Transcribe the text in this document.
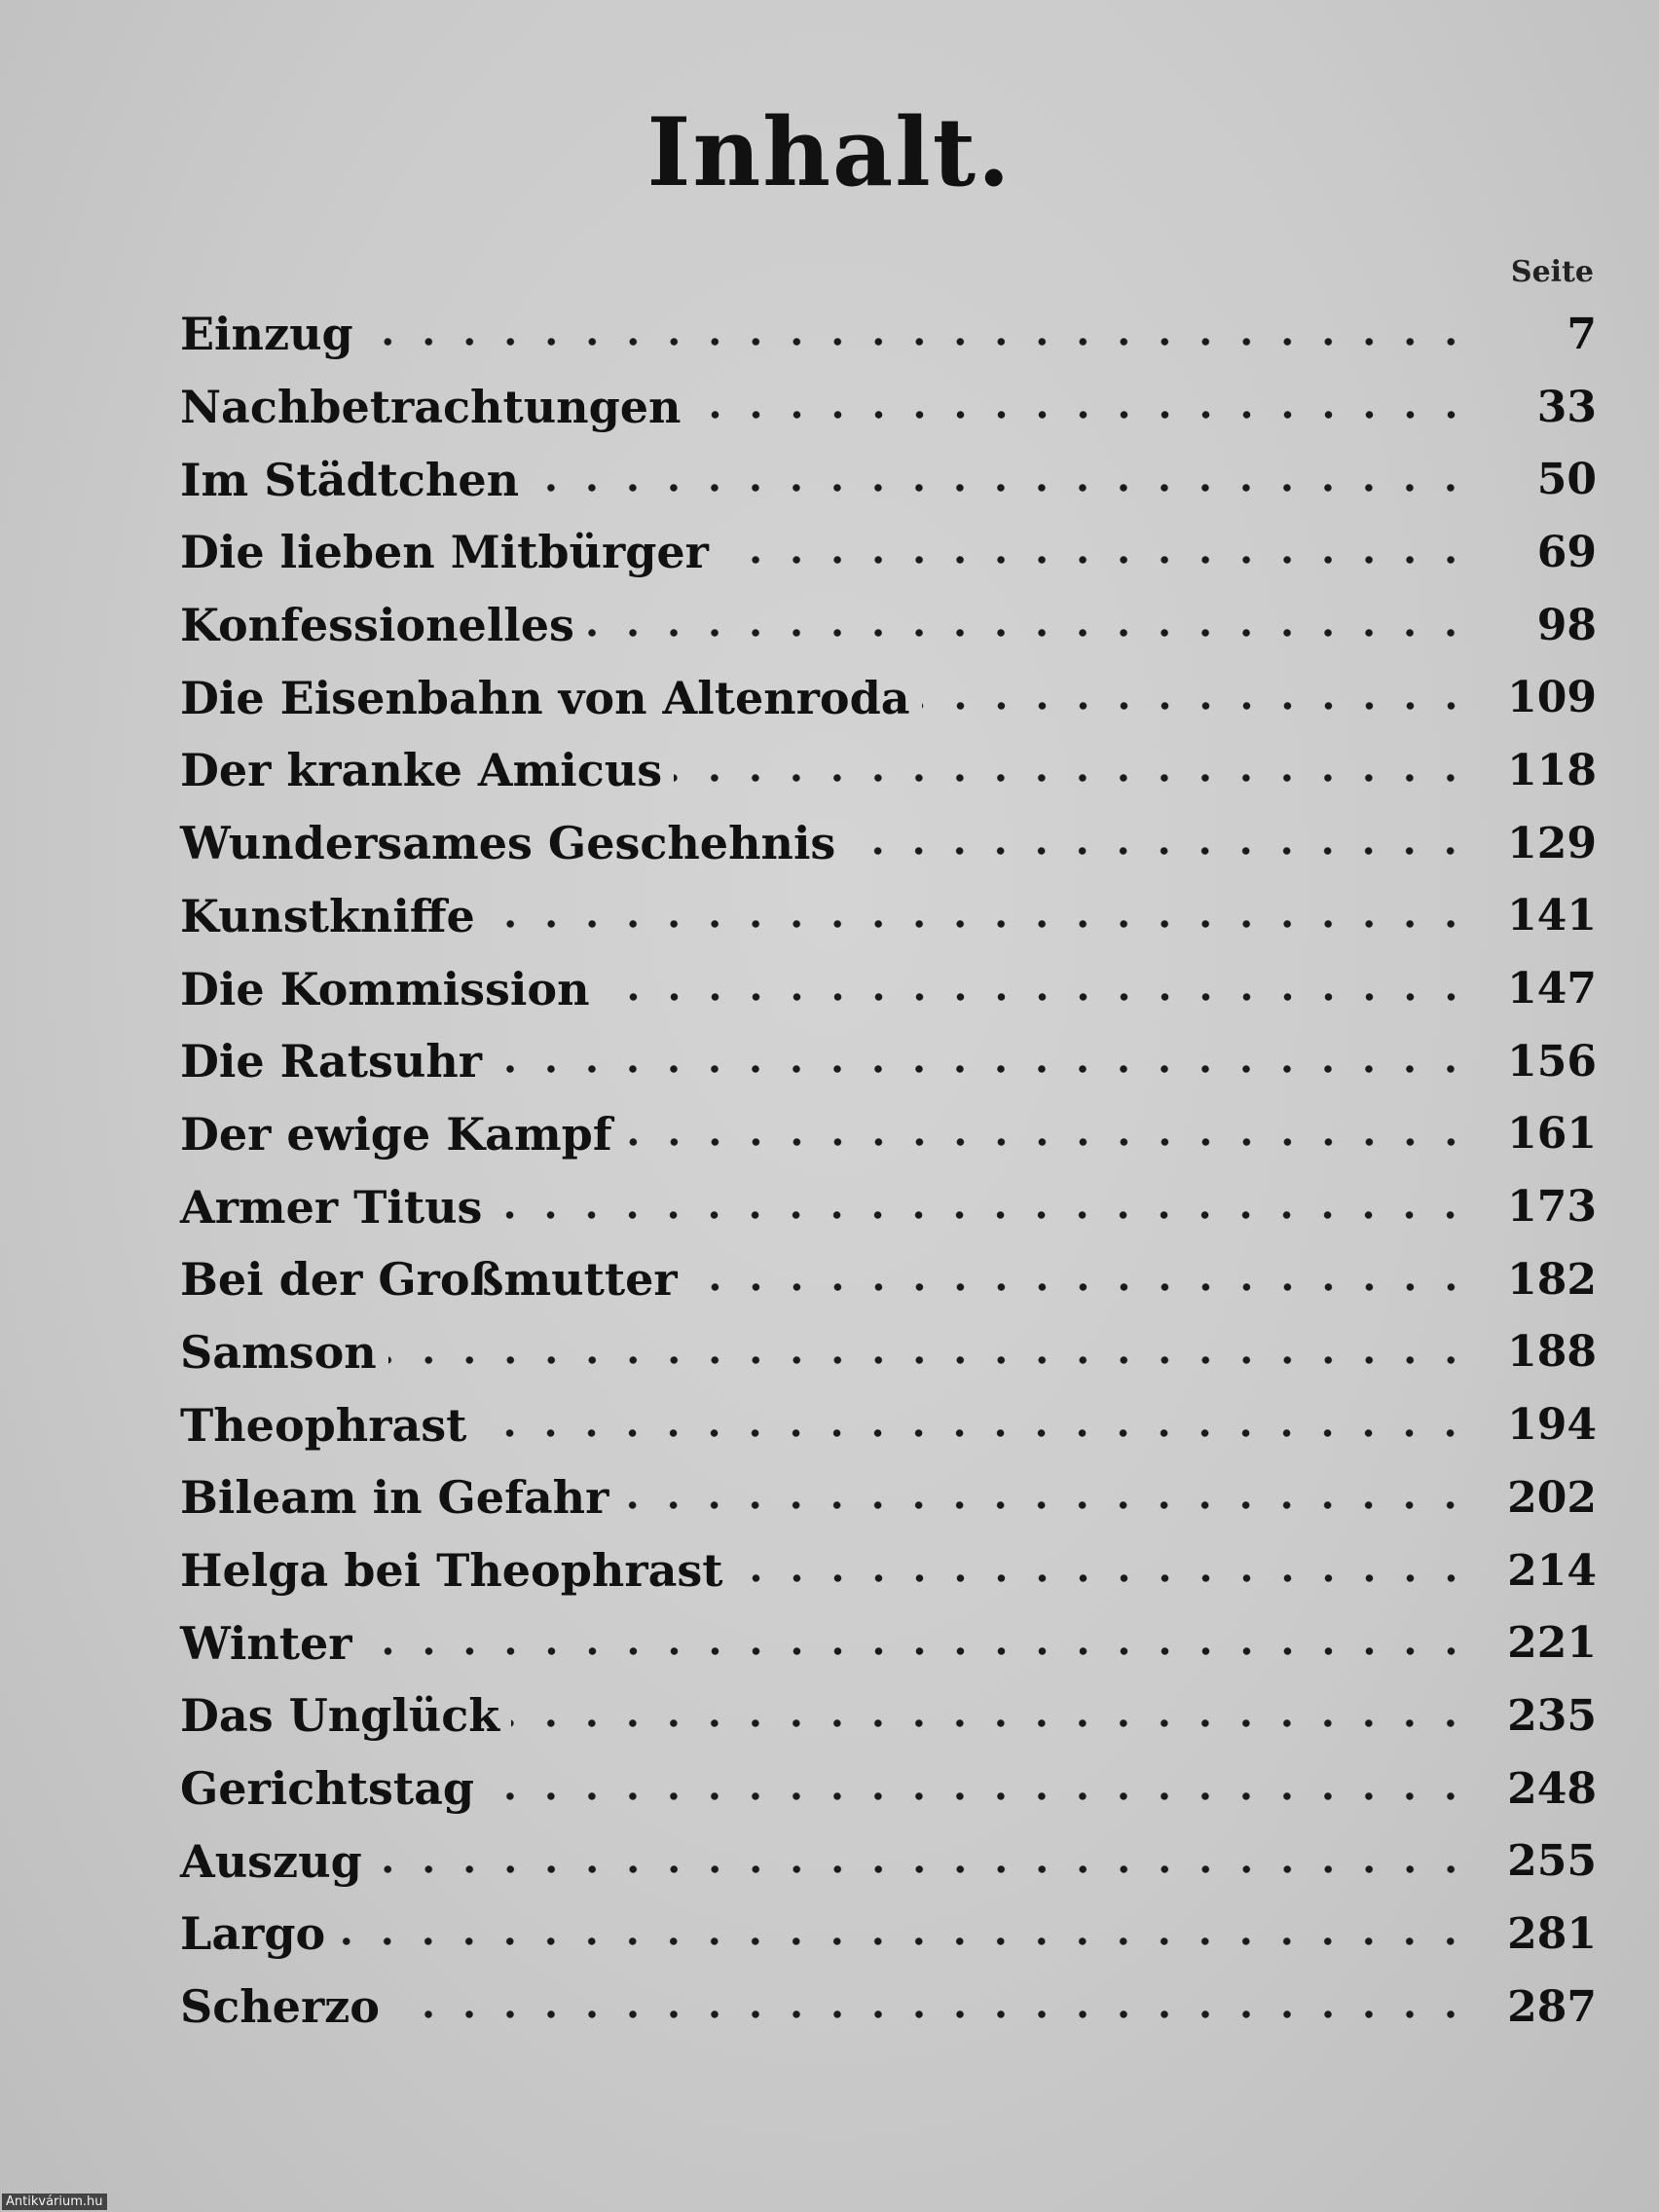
Inhalt.
Seite
Einzug	7
Nachbetrachtungen	33
Im Städtchen	50
Die lieben Mitbürger	69
Konfessionelles	98
Die Eisenbahn von Altenroda	109
Der kranke Amicus	118
Wundersames Geschehnis	129
Kunstkniffe	141
Die Kommission	147
Die Ratsuhr	156
Der ewige Kampf	161
Armer Titus	173
Bei der Großmutter	182
Samson	188
Theophrast	194
Bileam in Gefahr	202
Helga bei Theophrast	214
Winter	221
Das Unglück	235
Gerichtstag	248
Auszug	255
Largo	281
Scherzo	287
Antikvárium.hu
